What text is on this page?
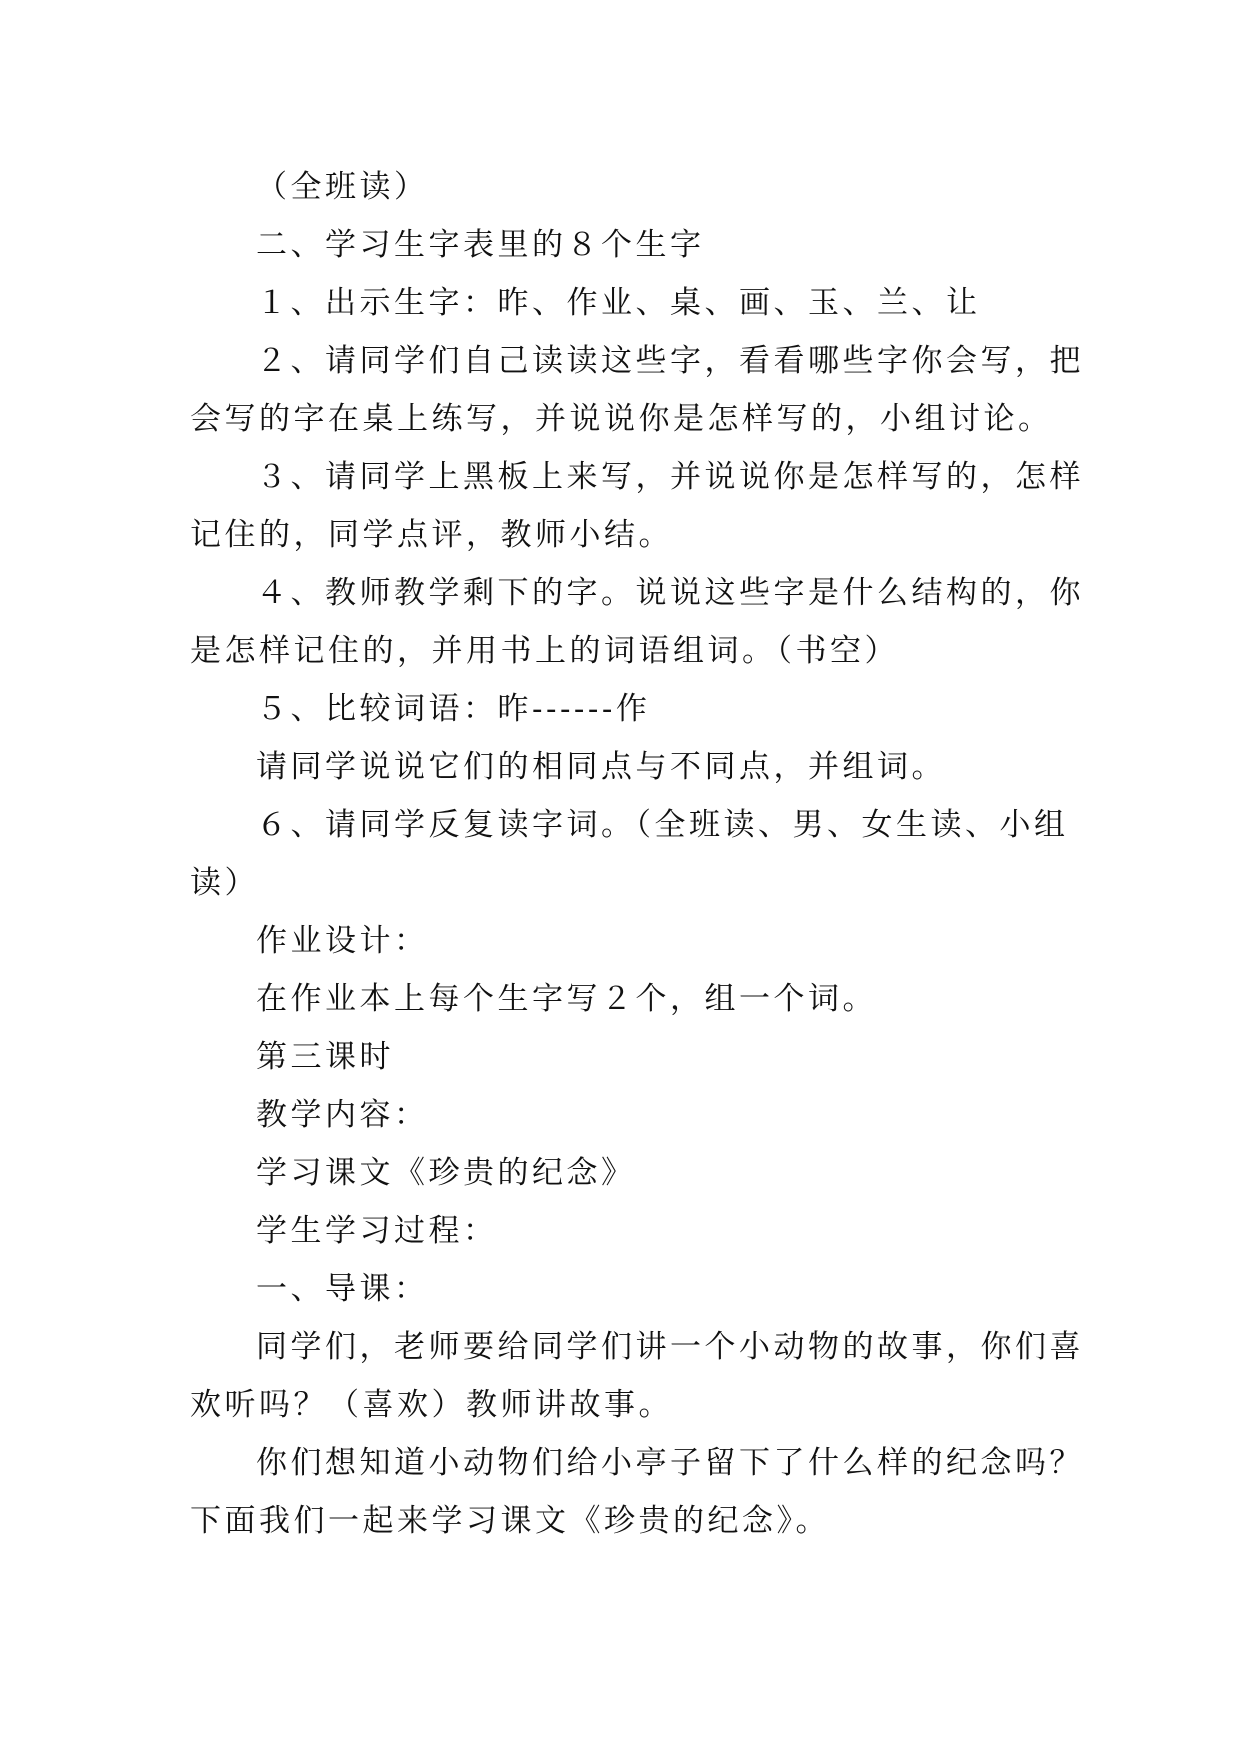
（全班读）
二、学习生字表里的８个生字
１、出示生字：昨、作业、桌、画、玉、兰、让
２、请同学们自己读读这些字，看看哪些字你会写，把
会写的字在桌上练写，并说说你是怎样写的，小组讨论。
３、请同学上黑板上来写，并说说你是怎样写的，怎样
记住的，同学点评，教师小结。
４、教师教学剩下的字。说说这些字是什么结构的，你
是怎样记住的，并用书上的词语组词。（书空）
５、比较词语：昨------作
请同学说说它们的相同点与不同点，并组词。
６、请同学反复读字词。（全班读、男、女生读、小组
读）
作业设计：
在作业本上每个生字写２个，组一个词。
第三课时
教学内容：
学习课文《珍贵的纪念》
学生学习过程：
一、导课：
同学们，老师要给同学们讲一个小动物的故事，你们喜
欢听吗？（喜欢）教师讲故事。
你们想知道小动物们给小亭子留下了什么样的纪念吗？
下面我们一起来学习课文《珍贵的纪念》。
